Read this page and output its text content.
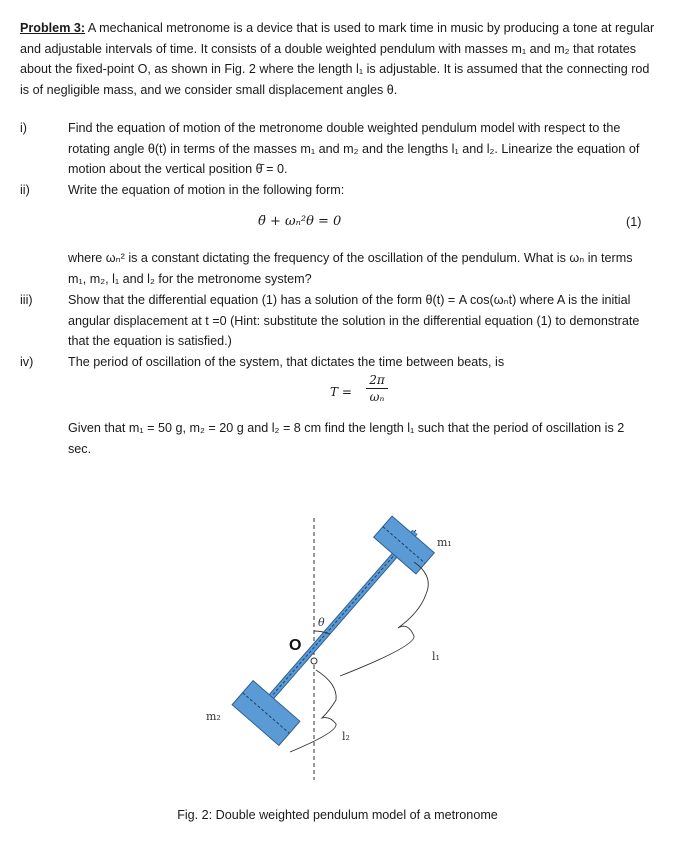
Problem 3: A mechanical metronome is a device that is used to mark time in music by producing a tone at regular and adjustable intervals of time. It consists of a double weighted pendulum with masses m₁ and m₂ that rotates about the fixed-point O, as shown in Fig. 2 where the length l₁ is adjustable. It is assumed that the connecting rod is of negligible mass, and we consider small displacement angles θ.
i)	Find the equation of motion of the metronome double weighted pendulum model with respect to the rotating angle θ(t) in terms of the masses m₁ and m₂ and the lengths l₁ and l₂. Linearize the equation of motion about the vertical position θ̄ = 0.
ii)	Write the equation of motion in the following form:
θ̈ + ωₙ²θ = 0	(1)
where ωₙ² is a constant dictating the frequency of the oscillation of the pendulum. What is ωₙ in terms m₁, m₂, l₁ and l₂ for the metronome system?
iii)	Show that the differential equation (1) has a solution of the form θ(t) = A cos(ωₙt) where A is the initial angular displacement at t =0 (Hint: substitute the solution in the differential equation (1) to demonstrate that the equation is satisfied.)
iv)	The period of oscillation of the system, that dictates the time between beats, is
T =
2π
ωₙ
Given that m₁ = 50 g, m₂ = 20 g and l₂ = 8 cm find the length l₁ such that the period of oscillation is 2 sec.
m₁
m₂
l₁
l₂
θ
O
Fig. 2: Double weighted pendulum model of a metronome
